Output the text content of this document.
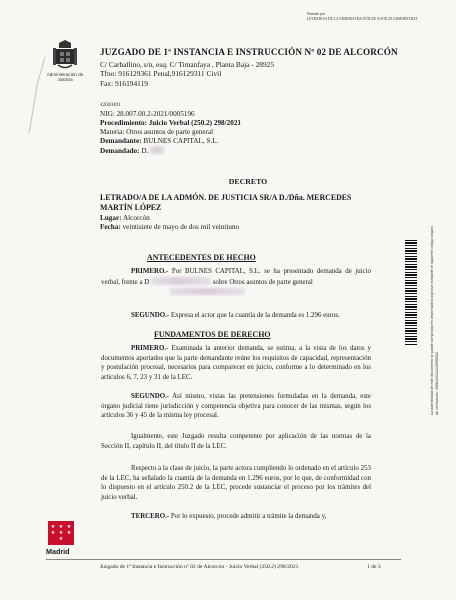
Firmado por:
LETRADO/A DE LA ADMINISTRACIÓN DE JUSTICIA ADMINISTRAT
Administración de Justicia
JUZGADO DE 1ª INSTANCIA E INSTRUCCIÓN Nº 02 DE ALCORCÓN
C/ Carballino, s/n, esq. C/ Timanfaya , Planta Baja - 28925
Tfno: 916129361 Penal,916129311 Civil
Fax: 916194119
42020491
NIG: 28.007.00.2-2021/0005196
Procedimiento: Juicio Verbal (250.2) 298/2021
Materia: Otros asuntos de parte general
Demandante: BULNES CAPITAL, S.L.
Demandado: D.
DECRETO
LETRADO/A DE LA ADMÓN. DE JUSTICIA SR/A D./Dña. MERCEDES
MARTÍN LÓPEZ
Lugar: Alcorcón
Fecha: veintisiete de mayo de dos mil veintiuno
ANTECEDENTES DE HECHO
PRIMERO.- Por BULNES CAPITAL, S.L. se ha presentado demanda de juicio verbal, frente a D	sobre Otros asuntos de parte general
SEGUNDO.- Expresa el actor que la cuantía de la demanda es 1.296 euros.
FUNDAMENTOS DE DERECHO
PRIMERO.- Examinada la anterior demanda, se estima, a la vista de los datos y documentos aportados que la parte demandante reúne los requisitos de capacidad, representación y postulación procesal, necesarios para comparecer en juicio, conforme a lo determinado en los artículos 6, 7, 23 y 31 de la LEC.
SEGUNDO.- Así mismo, vistas las pretensiones formuladas en la demanda, este órgano judicial tiene jurisdicción y competencia objetiva para conocer de las mismas, según los artículos 36 y 45 de la misma ley procesal.
Igualmente, este Juzgado resulta competente por aplicación de las normas de la Sección II, capítulo II, del título II de la LEC.
Respecto a la clase de juicio, la parte actora cumpliendo lo ordenado en el artículo 253 de la LEC, ha señalado la cuantía de la demanda en 1.296 euros, por lo que, de conformidad con lo dispuesto en el artículo 250.2 de la LEC, procede sustanciar el proceso por los trámites del juicio verbal.
TERCERO.- Por lo expuesto, procede admitir a trámite la demanda y,
★ ★ ★
★ ★ ★
★
Madrid
Juzgado de 1ª Instancia e Instrucción nº 02 de Alcorcón - Juicio Verbal (250.2) 298/2021	1 de 3
La autenticidad de este documento se puede comprobar en www.madrid.org/cove mediante el siguiente código seguro de verificación: 0908433132410596052
